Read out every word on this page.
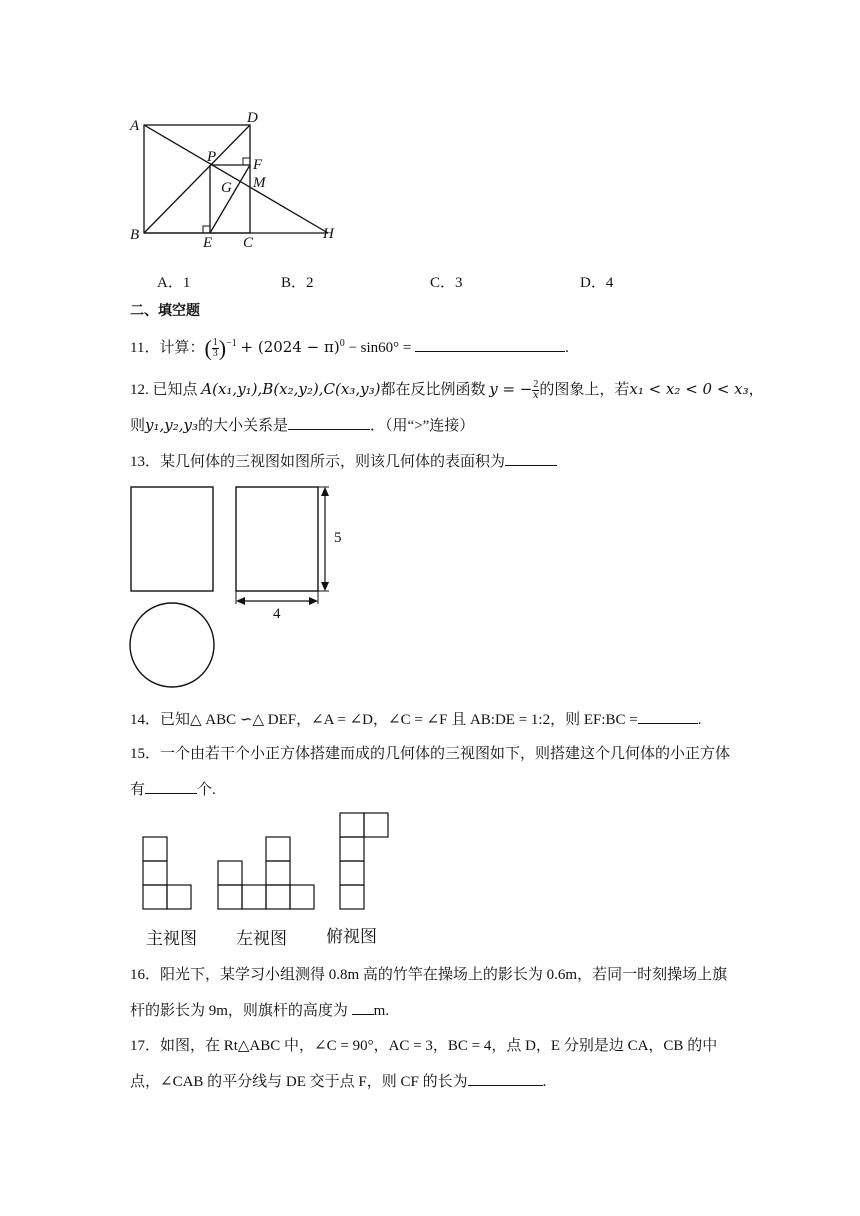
A	D
P F
M
G
B	E C
H
A．1	B．2	C．3	D．4
二、填空题
11．计算：( $\frac{1}{3} )^{-1} + (2024 - \pi)^0 - \sin 60^\circ$ =	.
12. 已知点 A(x₁,y₁),B(x₂,y₂),C(x₃,y₃)都在反比例函数 y = − $\frac{2}{x}$ 的图象上，若x₁ < x₂ < 0 < x₃，
则y₁,y₂,y₃的大小关系是	．（用“>”连接）
13．某几何体的三视图如图所示，则该几何体的表面积为
5
4
14．已知△ ABC ∽△ DEF，∠A = ∠D，∠C = ∠F 且 AB:DE = 1:2，则 EF:BC =	.
15．一个由若干个小正方体搭建而成的几何体的三视图如下，则搭建这个几何体的小正方体
有	个.
主视图 左视图 俯视图
16．阳光下，某学习小组测得 0.8m 高的竹竿在操场上的影长为 0.6m，若同一时刻操场上旗
杆的影长为 9m，则旗杆的高度为 m.
17．如图，在 Rt△ABC 中，∠C = 90°，AC = 3，BC = 4，点 D，E 分别是边 CA，CB 的中
点，∠CAB 的平分线与 DE 交于点 F，则 CF 的长为	.
